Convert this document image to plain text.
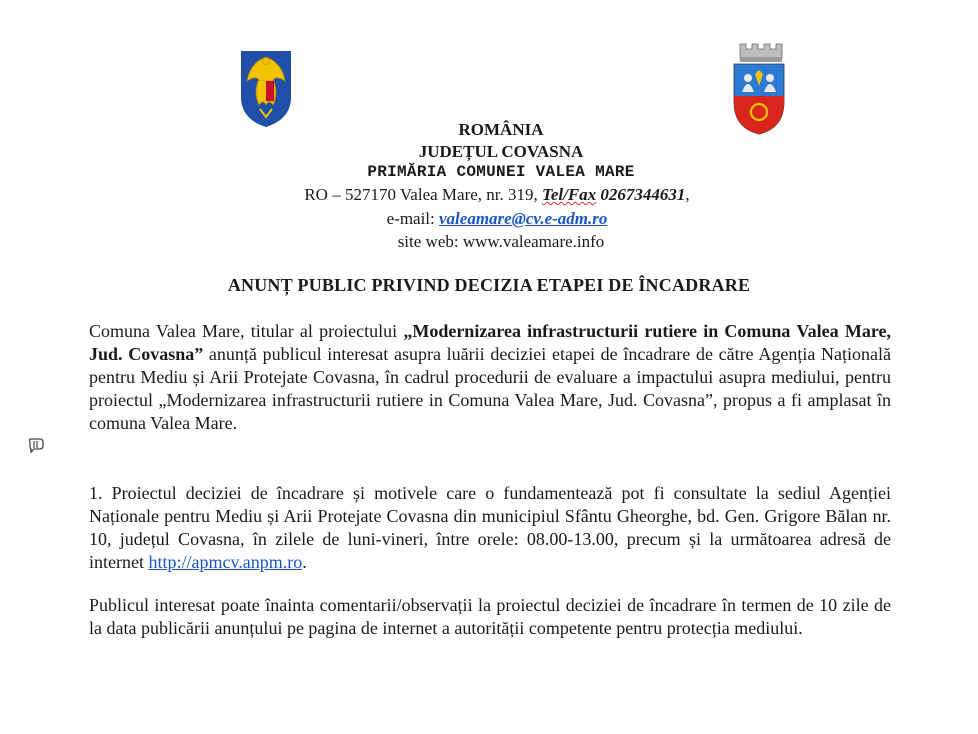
ROMÂNIA
JUDEȚUL COVASNA
PRIMĂRIA COMUNEI VALEA MARE
RO – 527170 Valea Mare, nr. 319, Tel/Fax 0267344631,
e-mail: valeamare@cv.e-adm.ro
site web: www.valeamare.info
ANUNȚ PUBLIC PRIVIND DECIZIA ETAPEI DE ÎNCADRARE
Comuna Valea Mare, titular al proiectului „Modernizarea infrastructurii rutiere in Comuna Valea Mare, Jud. Covasna” anunță publicul interesat asupra luării deciziei etapei de încadrare de către Agenția Națională pentru Mediu și Arii Protejate Covasna, în cadrul procedurii de evaluare a impactului asupra mediului, pentru proiectul „Modernizarea infrastructurii rutiere in Comuna Valea Mare, Jud. Covasna”, propus a fi amplasat în comuna Valea Mare.
1. Proiectul deciziei de încadrare și motivele care o fundamentează pot fi consultate la sediul Agenției Naționale pentru Mediu și Arii Protejate Covasna din municipiul Sfântu Gheorghe, bd. Gen. Grigore Bălan nr. 10, județul Covasna, în zilele de luni-vineri, între orele: 08.00-13.00, precum și la următoarea adresă de internet http://apmcv.anpm.ro.
Publicul interesat poate înainta comentarii/observații la proiectul deciziei de încadrare în termen de 10 zile de la data publicării anunțului pe pagina de internet a autorității competente pentru protecția mediului.
